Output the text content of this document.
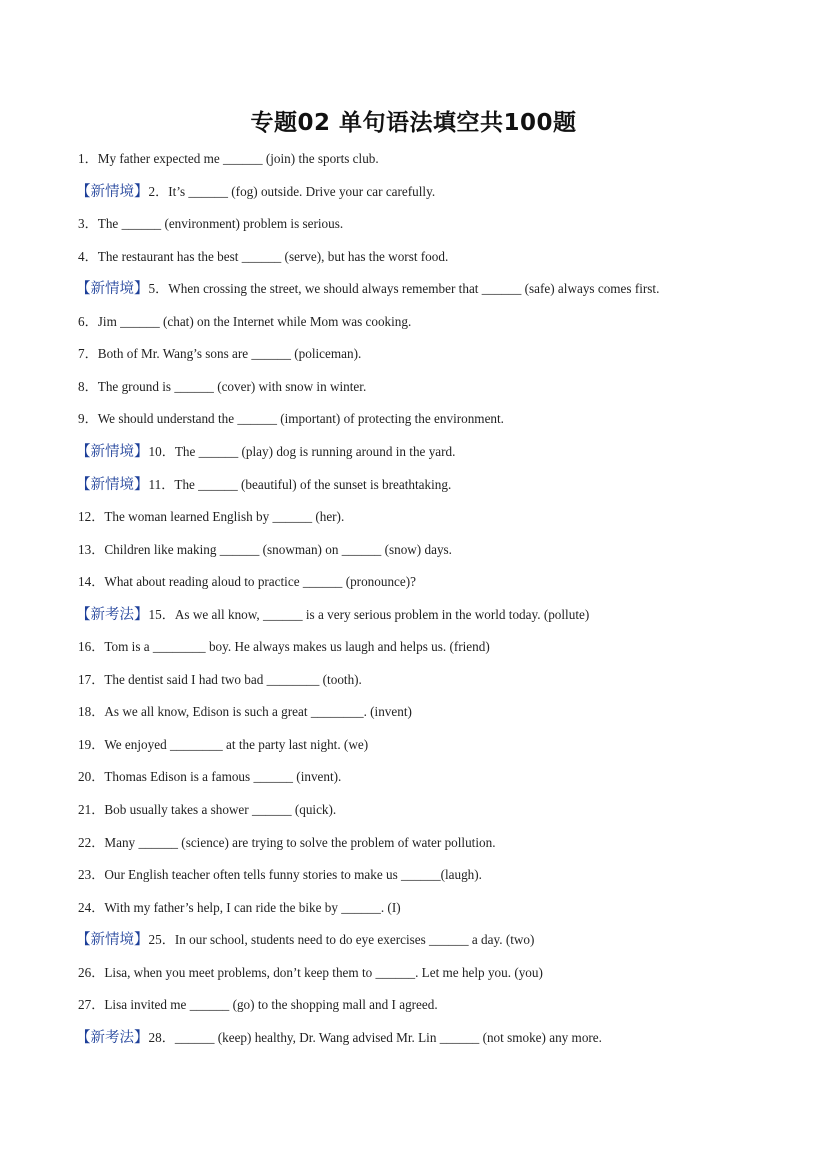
专题02 单句语法填空共100题
1．My father expected me ______ (join) the sports club.
【新情境】2．It’s ______ (fog) outside. Drive your car carefully.
3．The ______ (environment) problem is serious.
4．The restaurant has the best ______ (serve), but has the worst food.
【新情境】5．When crossing the street, we should always remember that ______ (safe) always comes first.
6．Jim ______ (chat) on the Internet while Mom was cooking.
7．Both of Mr. Wang’s sons are ______ (policeman).
8．The ground is ______ (cover) with snow in winter.
9．We should understand the ______ (important) of protecting the environment.
【新情境】10．The ______ (play) dog is running around in the yard.
【新情境】11．The ______ (beautiful) of the sunset is breathtaking.
12．The woman learned English by ______ (her).
13．Children like making ______ (snowman) on ______ (snow) days.
14．What about reading aloud to practice ______ (pronounce)?
【新考法】15．As we all know, ______ is a very serious problem in the world today. (pollute)
16．Tom is a ________ boy. He always makes us laugh and helps us. (friend)
17．The dentist said I had two bad ________ (tooth).
18．As we all know, Edison is such a great ________. (invent)
19．We enjoyed ________ at the party last night. (we)
20．Thomas Edison is a famous ______ (invent).
21．Bob usually takes a shower ______ (quick).
22．Many ______ (science) are trying to solve the problem of water pollution.
23．Our English teacher often tells funny stories to make us ______(laugh).
24．With my father’s help, I can ride the bike by ______. (I)
【新情境】25．In our school, students need to do eye exercises ______ a day. (two)
26．Lisa, when you meet problems, don’t keep them to ______. Let me help you. (you)
27．Lisa invited me ______ (go) to the shopping mall and I agreed.
【新考法】28．______ (keep) healthy, Dr. Wang advised Mr. Lin ______ (not smoke) any more.
